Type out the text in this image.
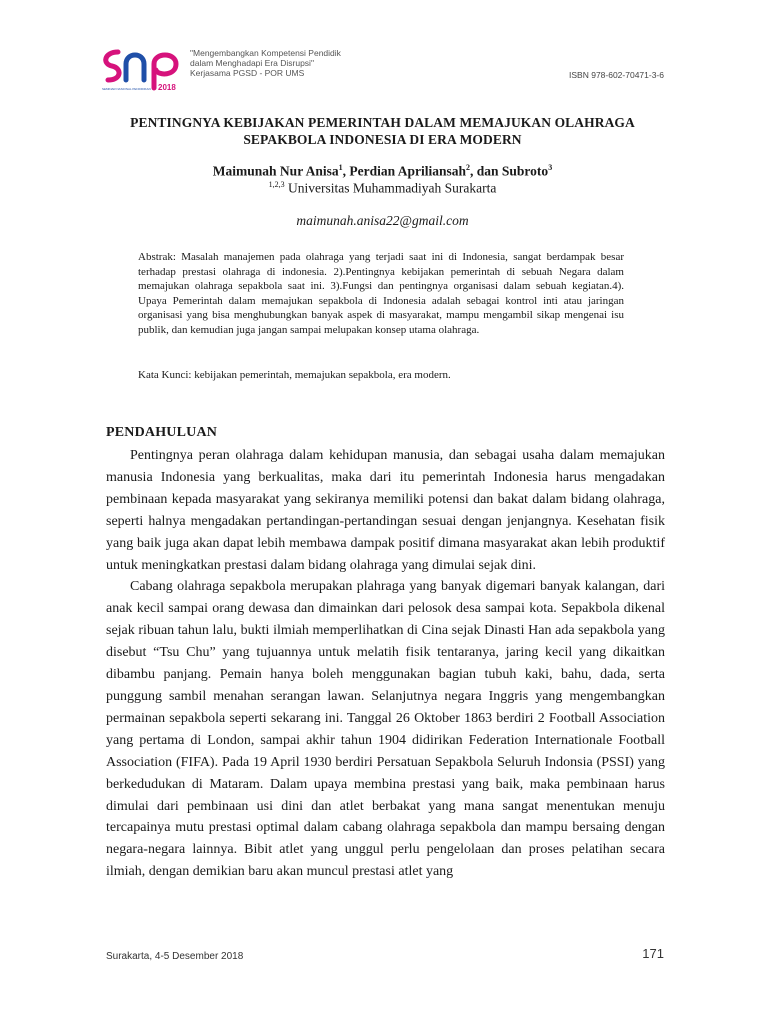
SEMINAR NASIONAL PENDIDIKAN 2018
"Mengembangkan Kompetensi Pendidik
dalam Menghadapi Era Disrupsi"
Kerjasama PGSD - POR UMS	ISBN 978-602-70471-3-6
PENTINGNYA KEBIJAKAN PEMERINTAH DALAM MEMAJUKAN OLAHRAGA
SEPAKBOLA INDONESIA DI ERA MODERN
Maimunah Nur Anisa$^1$, Perdian Apriliansah$^2$, dan Subroto$^3$
$^{1,2,3}$ Universitas Muhammadiyah Surakarta
maimunah.anisa22@gmail.com

Abstrak: Masalah manajemen pada olahraga yang terjadi saat ini di Indonesia, sangat berdampak besar terhadap prestasi olahraga di indonesia. 2).Pentingnya kebijakan pemerintah di sebuah Negara dalam memajukan olahraga sepakbola saat ini. 3).Fungsi dan pentingnya organisasi dalam sebuah kegiatan.4). Upaya Pemerintah dalam memajukan sepakbola di Indonesia adalah sebagai kontrol inti atau jaringan organisasi yang bisa menghubungkan banyak aspek di masyarakat, mampu mengambil sikap mengenai isu publik, dan kemudian juga jangan sampai melupakan konsep utama olahraga.

Kata Kunci: kebijakan pemerintah, memajukan sepakbola, era modern.

PENDAHULUAN

Pentingnya peran olahraga dalam kehidupan manusia, dan sebagai usaha dalam memajukan manusia Indonesia yang berkualitas, maka dari itu pemerintah Indonesia harus mengadakan pembinaan kepada masyarakat yang sekiranya memiliki potensi dan bakat dalam bidang olahraga, seperti halnya mengadakan pertandingan-pertandingan sesuai dengan jenjangnya. Kesehatan fisik yang baik juga akan dapat lebih membawa dampak positif dimana masyarakat akan lebih produktif untuk meningkatkan prestasi dalam bidang olahraga yang dimulai sejak dini.

Cabang olahraga sepakbola merupakan plahraga yang banyak digemari banyak kalangan, dari anak kecil sampai orang dewasa dan dimainkan dari pelosok desa sampai kota. Sepakbola dikenal sejak ribuan tahun lalu, bukti ilmiah memperlihatkan di Cina sejak Dinasti Han ada sepakbola yang disebut “Tsu Chu” yang tujuannya untuk melatih fisik tentaranya, jaring kecil yang dikaitkan dibambu panjang. Pemain hanya boleh menggunakan bagian tubuh kaki, bahu, dada, serta punggung sambil menahan serangan lawan. Selanjutnya negara Inggris yang mengembangkan permainan sepakbola seperti sekarang ini. Tanggal 26 Oktober 1863 berdiri 2 Football Association yang pertama di London, sampai akhir tahun 1904 didirikan Federation Internationale Football Association (FIFA). Pada 19 April 1930 berdiri Persatuan Sepakbola Seluruh Indonsia (PSSI) yang berkedudukan di Mataram. Dalam upaya membina prestasi yang baik, maka pembinaan harus dimulai dari pembinaan usi dini dan atlet berbakat yang mana sangat menentukan menuju tercapainya mutu prestasi optimal dalam cabang olahraga sepakbola dan mampu bersaing dengan negara-negara lainnya. Bibit atlet yang unggul perlu pengelolaan dan proses pelatihan secara ilmiah, dengan demikian baru akan muncul prestasi atlet yang

Surakarta, 4-5 Desember 2018	171
